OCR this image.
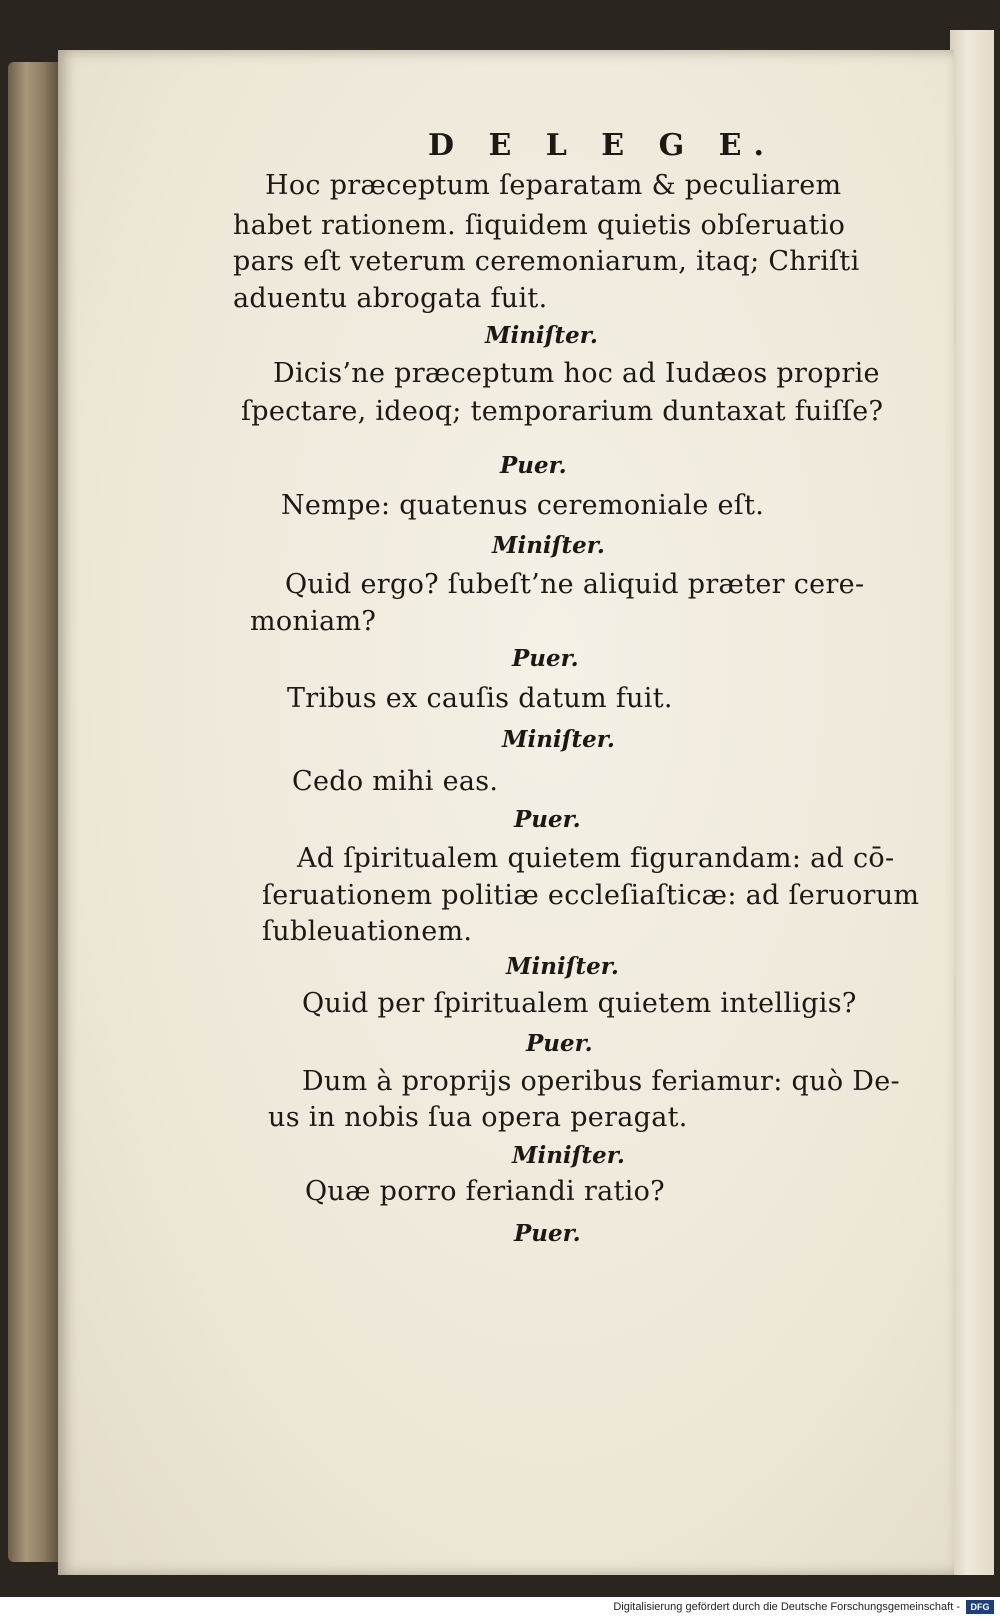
D E L E G E.
Hoc præceptum ſeparatam & peculiarem
habet rationem. ſiquidem quietis obſeruatio
pars eſt veterum ceremoniarum, itaq; Chriſti
aduentu abrogata fuit.
Miniſter.
Dicis’ne præceptum hoc ad Iudæos proprie
ſpectare, ideoq; temporarium duntaxat fuiſſe?
Puer.
Nempe: quatenus ceremoniale eſt.
Miniſter.
Quid ergo? ſubeſt’ne aliquid præter cere-
moniam?
Puer.
Tribus ex cauſis datum fuit.
Miniſter.
Cedo mihi eas.
Puer.
Ad ſpiritualem quietem figurandam: ad cō-
ſeruationem politiæ eccleſiaſticæ: ad ſeruorum
ſubleuationem.
Miniſter.
Quid per ſpiritualem quietem intelligis?
Puer.
Dum à proprijs operibus feriamur: quò De-
us in nobis ſua opera peragat.
Miniſter.
Quæ porro feriandi ratio?
Puer.
Digitalisierung gefördert durch die Deutsche Forschungsgemeinschaft -	DFG
